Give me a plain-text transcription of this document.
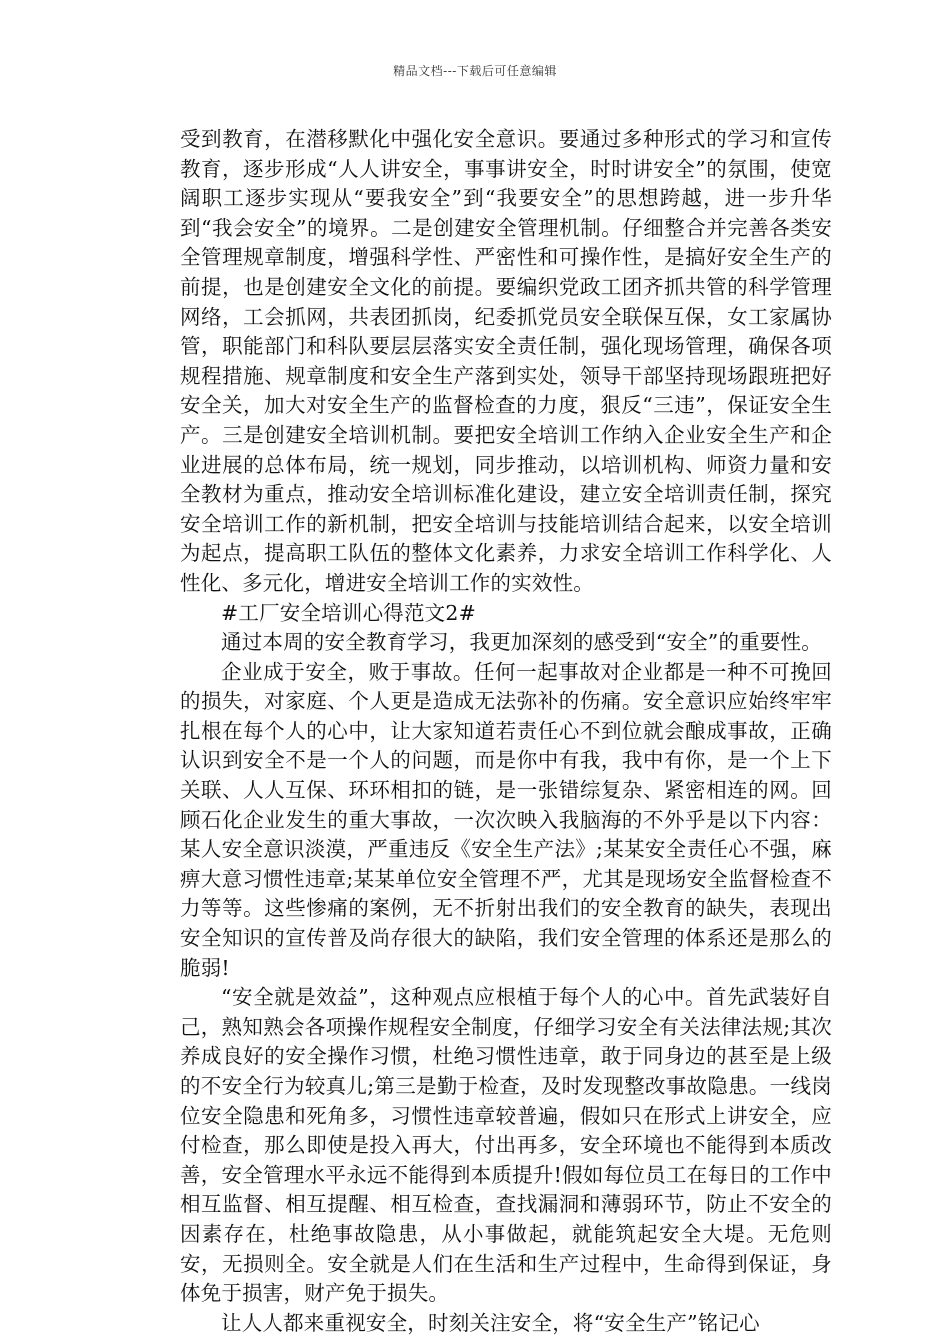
精品文档---下载后可任意编辑

受到教育，在潜移默化中强化安全意识。要通过多种形式的学习和宣传教育，逐步形成“人人讲安全，事事讲安全，时时讲安全”的氛围，使宽阔职工逐步实现从“要我安全”到“我要安全”的思想跨越，进一步升华到“我会安全”的境界。二是创建安全管理机制。仔细整合并完善各类安全管理规章制度，增强科学性、严密性和可操作性，是搞好安全生产的前提，也是创建安全文化的前提。要编织党政工团齐抓共管的科学管理网络，工会抓网，共表团抓岗，纪委抓党员安全联保互保，女工家属协管，职能部门和科队要层层落实安全责任制，强化现场管理，确保各项规程措施、规章制度和安全生产落到实处，领导干部坚持现场跟班把好安全关，加大对安全生产的监督检查的力度，狠反“三违”，保证安全生产。三是创建安全培训机制。要把安全培训工作纳入企业安全生产和企业进展的总体布局，统一规划，同步推动，以培训机构、师资力量和安全教材为重点，推动安全培训标准化建设，建立安全培训责任制，探究安全培训工作的新机制，把安全培训与技能培训结合起来，以安全培训为起点，提高职工队伍的整体文化素养，力求安全培训工作科学化、人性化、多元化，增进安全培训工作的实效性。

#工厂安全培训心得范文2#

通过本周的安全教育学习，我更加深刻的感受到“安全”的重要性。

企业成于安全，败于事故。任何一起事故对企业都是一种不可挽回的损失，对家庭、个人更是造成无法弥补的伤痛。安全意识应始终牢牢扎根在每个人的心中，让大家知道若责任心不到位就会酿成事故，正确认识到安全不是一个人的问题，而是你中有我，我中有你，是一个上下关联、人人互保、环环相扣的链，是一张错综复杂、紧密相连的网。回顾石化企业发生的重大事故，一次次映入我脑海的不外乎是以下内容：某人安全意识淡漠，严重违反《安全生产法》;某某安全责任心不强，麻痹大意习惯性违章;某某单位安全管理不严，尤其是现场安全监督检查不力等等。这些惨痛的案例，无不折射出我们的安全教育的缺失，表现出安全知识的宣传普及尚存很大的缺陷，我们安全管理的体系还是那么的脆弱!

“安全就是效益”，这种观点应根植于每个人的心中。首先武装好自己，熟知熟会各项操作规程安全制度，仔细学习安全有关法律法规;其次养成良好的安全操作习惯，杜绝习惯性违章，敢于同身边的甚至是上级的不安全行为较真儿;第三是勤于检查，及时发现整改事故隐患。一线岗位安全隐患和死角多，习惯性违章较普遍，假如只在形式上讲安全，应付检查，那么即使是投入再大，付出再多，安全环境也不能得到本质改善，安全管理水平永远不能得到本质提升!假如每位员工在每日的工作中相互监督、相互提醒、相互检查，查找漏洞和薄弱环节，防止不安全的因素存在，杜绝事故隐患，从小事做起，就能筑起安全大堤。无危则安，无损则全。安全就是人们在生活和生产过程中，生命得到保证，身体免于损害，财产免于损失。

让人人都来重视安全，时刻关注安全，将“安全生产”铭记心
